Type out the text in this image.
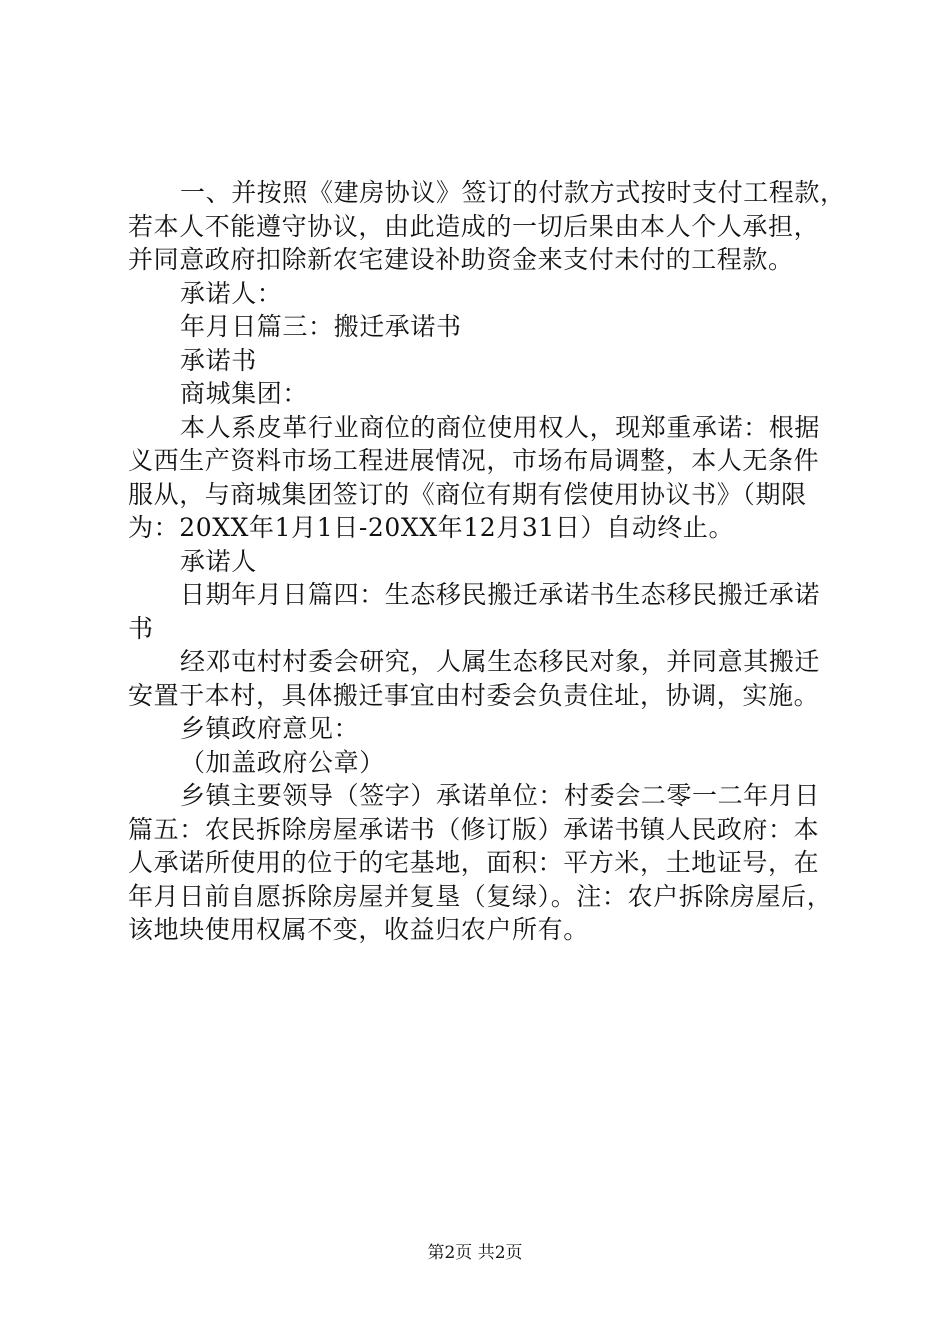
一、并按照《建房协议》签订的付款方式按时支付工程款，
若本人不能遵守协议，由此造成的一切后果由本人个人承担，
并同意政府扣除新农宅建设补助资金来支付未付的工程款。
承诺人：
年月日篇三：搬迁承诺书
承诺书
商城集团：
本人系皮革行业商位的商位使用权人，现郑重承诺：根据
义西生产资料市场工程进展情况，市场布局调整，本人无条件
服从，与商城集团签订的《商位有期有偿使用协议书》（期限
为：20XX年1月1日-20XX年12月31日）自动终止。
承诺人
日期年月日篇四：生态移民搬迁承诺书生态移民搬迁承诺
书
经邓屯村村委会研究，人属生态移民对象，并同意其搬迁
安置于本村，具体搬迁事宜由村委会负责住址，协调，实施。
乡镇政府意见：
（加盖政府公章）
乡镇主要领导（签字）承诺单位：村委会二零一二年月日
篇五：农民拆除房屋承诺书（修订版）承诺书镇人民政府：本
人承诺所使用的位于的宅基地，面积：平方米，土地证号，在
年月日前自愿拆除房屋并复垦（复绿）。注：农户拆除房屋后，
该地块使用权属不变，收益归农户所有。
第2页 共2页
